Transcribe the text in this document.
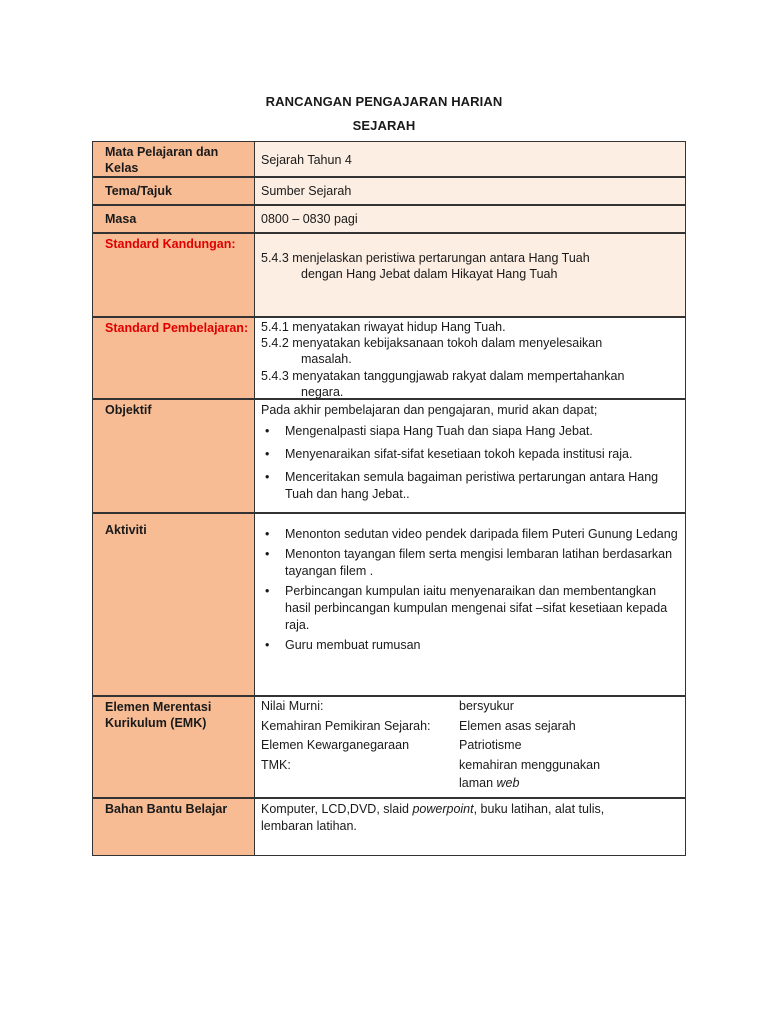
RANCANGAN PENGAJARAN HARIAN
SEJARAH
Mata Pelajaran dan Kelas
Sejarah Tahun 4
Tema/Tajuk	Sumber Sejarah
Masa	0800 – 0830 pagi
Standard Kandungan:

5.4.3 menjelaskan peristiwa pertarungan antara Hang Tuah

dengan Hang Jebat dalam Hikayat Hang Tuah

Standard Pembelajaran:	5.4.1 menyatakan riwayat hidup Hang Tuah.

5.4.2 menyatakan kebijaksanaan tokoh dalam menyelesaikan

masalah.

5.4.3 menyatakan tanggungjawab rakyat dalam mempertahankan

negara.

Objektif	Pada akhir pembelajaran dan pengajaran, murid akan dapat;

• Mengenalpasti siapa Hang Tuah dan siapa Hang Jebat.
• Menyenaraikan sifat-sifat kesetiaan tokoh kepada institusi raja.
• Menceritakan semula bagaiman peristiwa pertarungan antara Hang Tuah dan hang Jebat..
Aktiviti
•	Menonton sedutan video pendek daripada filem Puteri Gunung Ledang
• Menonton tayangan filem serta mengisi lembaran latihan berdasarkan tayangan filem .
• Perbincangan kumpulan iaitu menyenaraikan dan membentangkan hasil perbincangan kumpulan mengenai sifat –sifat kesetiaan kepada raja.
• Guru membuat rumusan
Elemen Merentasi Kurikulum (EMK)
Nilai Murni:	bersyukur
Kemahiran Pemikiran Sejarah:	Elemen asas sejarah
Elemen Kewarganegaraan	Patriotisme
TMK:	kemahiran menggunakan
laman web
Bahan Bantu Belajar	Komputer, LCD,DVD, slaid powerpoint, buku latihan, alat tulis,

lembaran latihan.
